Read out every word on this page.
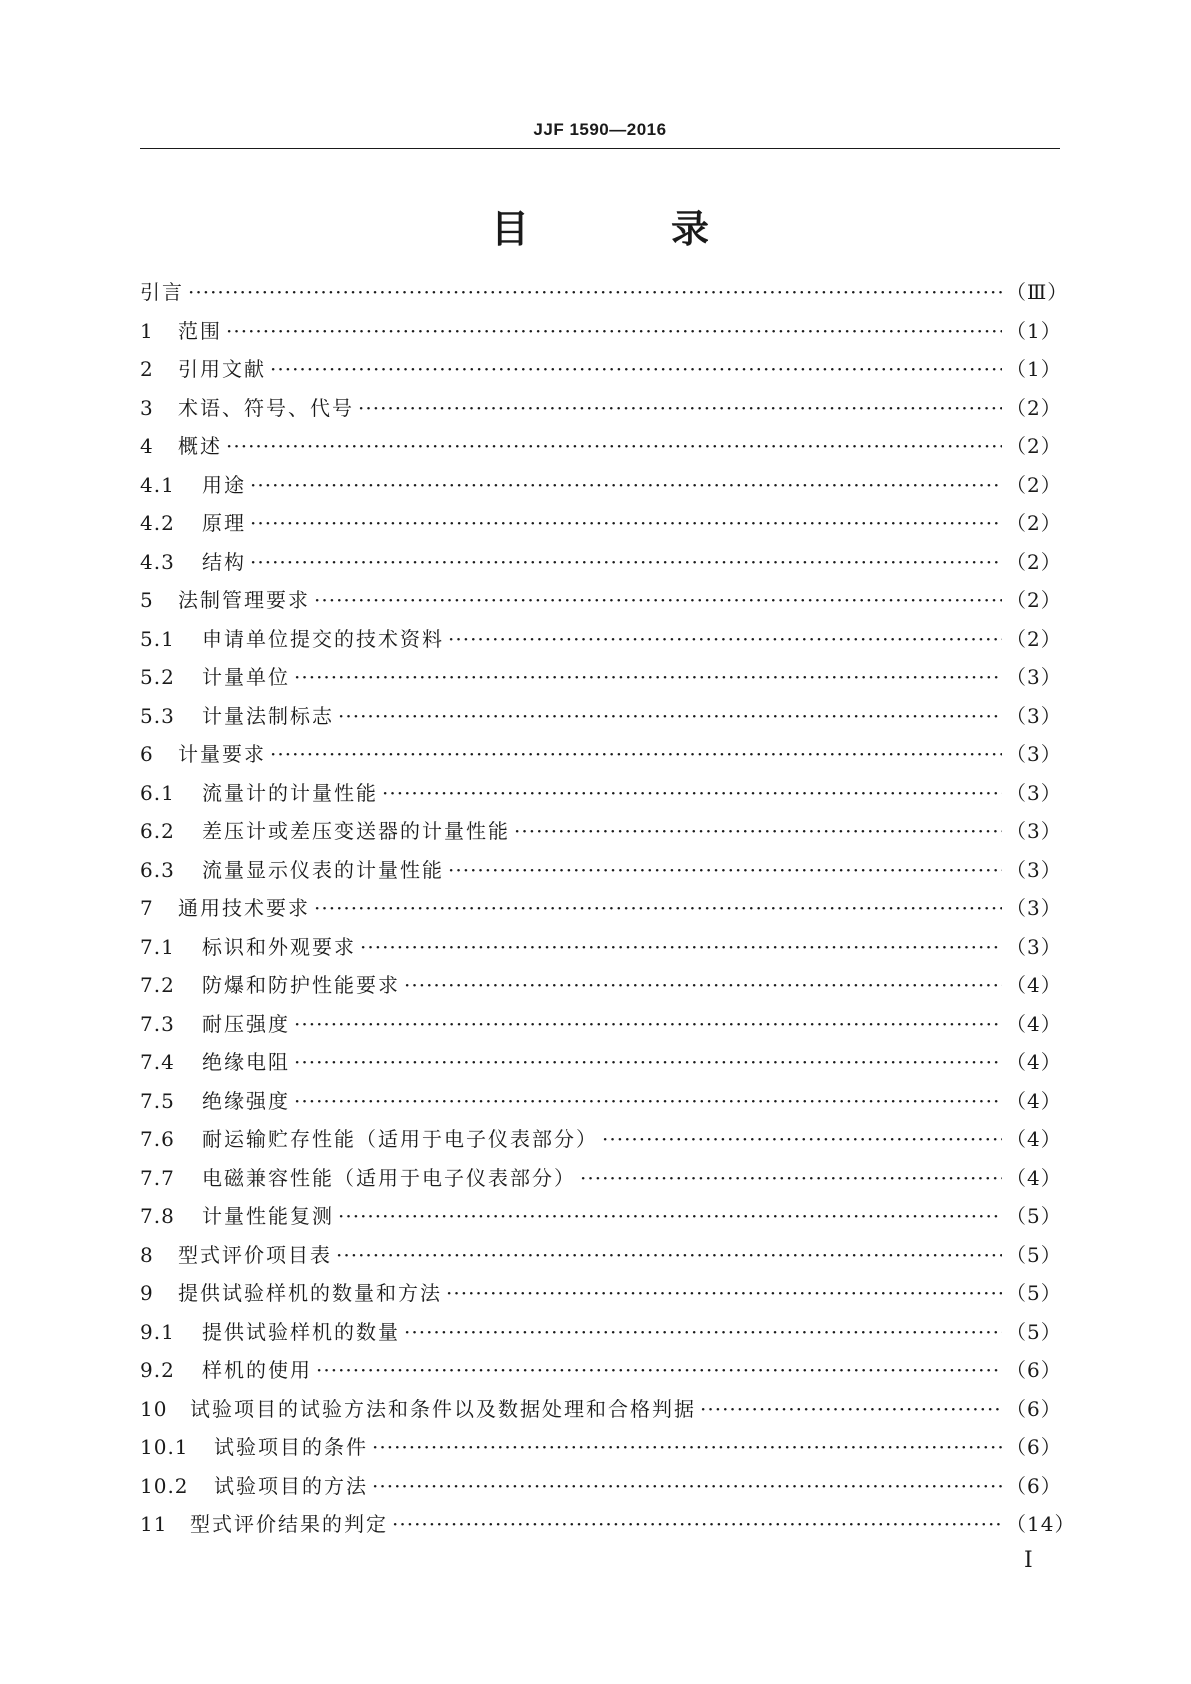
JJF 1590—2016
目　录
引言 ·····	（Ⅲ）
1	范围 ·····	（1）
2	引用文献 ·····	（1）
3	术语、符号、代号 ·····	（2）
4	概述 ·····	（2）
4.1	用途 ·····	（2）
4.2	原理 ·····	（2）
4.3	结构 ·····	（2）
5	法制管理要求 ·····	（2）
5.1	申请单位提交的技术资料 ·····	（2）
5.2	计量单位 ·····	（3）
5.3	计量法制标志 ·····	（3）
6	计量要求 ·····	（3）
6.1	流量计的计量性能 ·····	（3）
6.2	差压计或差压变送器的计量性能 ·····	（3）
6.3	流量显示仪表的计量性能 ·····	（3）
7	通用技术要求 ·····	（3）
7.1	标识和外观要求 ·····	（3）
7.2	防爆和防护性能要求 ·····	（4）
7.3	耐压强度 ·····	（4）
7.4	绝缘电阻 ·····	（4）
7.5	绝缘强度 ·····	（4）
7.6	耐运输贮存性能（适用于电子仪表部分） ·····	（4）
7.7	电磁兼容性能（适用于电子仪表部分） ·····	（4）
7.8	计量性能复测 ·····	（5）
8	型式评价项目表 ·····	（5）
9	提供试验样机的数量和方法 ·····	（5）
9.1	提供试验样机的数量 ·····	（5）
9.2	样机的使用 ·····	（6）
10	试验项目的试验方法和条件以及数据处理和合格判据 ·····	（6）
10.1	试验项目的条件 ·····	（6）
10.2	试验项目的方法 ·····	（6）
11	型式评价结果的判定 ·····	（14）
Ⅰ
